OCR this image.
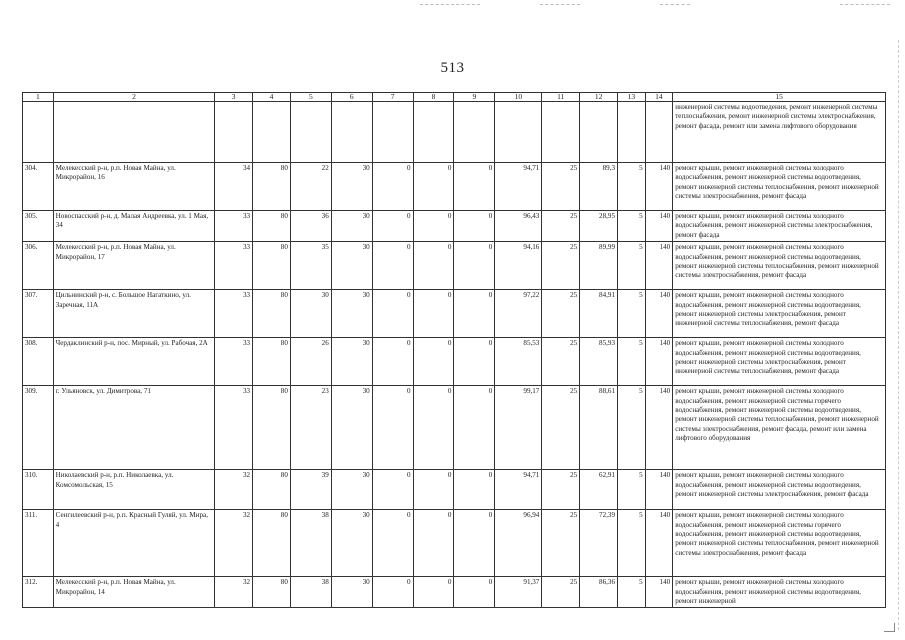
513
1	2	3	4	5	6	7	8	9	10	11	12	13	14	15
														инженерной системы водоотведения, ремонт инженерной системы теплоснабжения, ремонт инженерной системы электроснабжения, ремонт фасада, ремонт или замена лифтового оборудования
304.	Мелекесский р-н, р.п. Новая Майна, ул. Микрорайон, 16	34	80	22	30	0	0	0	94,71	25	89,3	5	140	ремонт крыши, ремонт инженерной системы холодного водоснабжения, ремонт инженерной системы водоотведения, ремонт инженерной системы теплоснабжения, ремонт инженерной системы электроснабжения, ремонт фасада
305.	Новоспасский р-н, д. Малая Андреевка, ул. 1 Мая, 34	33	80	36	30	0	0	0	96,43	25	28,95	5	140	ремонт крыши, ремонт инженерной системы холодного водоснабжения, ремонт инженерной системы электроснабжения, ремонт фасада
306.	Мелекесский р-н, р.п. Новая Майна, ул. Микрорайон, 17	33	80	35	30	0	0	0	94,16	25	89,99	5	140	ремонт крыши, ремонт инженерной системы холодного водоснабжения, ремонт инженерной системы водоотведения, ремонт инженерной системы теплоснабжения, ремонт инженерной системы электроснабжения, ремонт фасада
307.	Цильнинский р-н, с. Большое Нагаткино, ул. Заречная, 11А	33	80	30	30	0	0	0	97,22	25	84,91	5	140	ремонт крыши, ремонт инженерной системы холодного водоснабжения, ремонт инженерной системы водоотведения, ремонт инженерной системы электроснабжения, ремонт инженерной системы теплоснабжения, ремонт фасада
308.	Чердаклинский р-н, пос. Мирный, ул. Рабочая, 2А	33	80	26	30	0	0	0	85,53	25	85,93	5	140	ремонт крыши, ремонт инженерной системы холодного водоснабжения, ремонт инженерной системы водоотведения, ремонт инженерной системы электроснабжения, ремонт инженерной системы теплоснабжения, ремонт фасада
309.	г. Ульяновск, ул. Димитрова, 71	33	80	23	30	0	0	0	99,17	25	88,61	5	140	ремонт крыши, ремонт инженерной системы холодного водоснабжения, ремонт инженерной системы горячего водоснабжения, ремонт инженерной системы водоотведения, ремонт инженерной системы теплоснабжения, ремонт инженерной системы электроснабжения, ремонт фасада, ремонт или замена лифтового оборудования
310.	Николаевский р-н, р.п. Николаевка, ул. Комсомольская, 15	32	80	39	30	0	0	0	94,71	25	62,91	5	140	ремонт крыши, ремонт инженерной системы холодного водоснабжения, ремонт инженерной системы водоотведения, ремонт инженерной системы электроснабжения, ремонт фасада
311.	Сенгилеевский р-н, р.п. Красный Гуляй, ул. Мира, 4	32	80	38	30	0	0	0	96,94	25	72,39	5	140	ремонт крыши, ремонт инженерной системы холодного водоснабжения, ремонт инженерной системы горячего водоснабжения, ремонт инженерной системы водоотведения, ремонт инженерной системы теплоснабжения, ремонт инженерной системы электроснабжения, ремонт фасада
312.	Мелекесский р-н, р.п. Новая Майна, ул. Микрорайон, 14	32	80	38	30	0	0	0	91,37	25	86,36	5	140	ремонт крыши, ремонт инженерной системы холодного водоснабжения, ремонт инженерной системы водоотведения, ремонт инженерной
